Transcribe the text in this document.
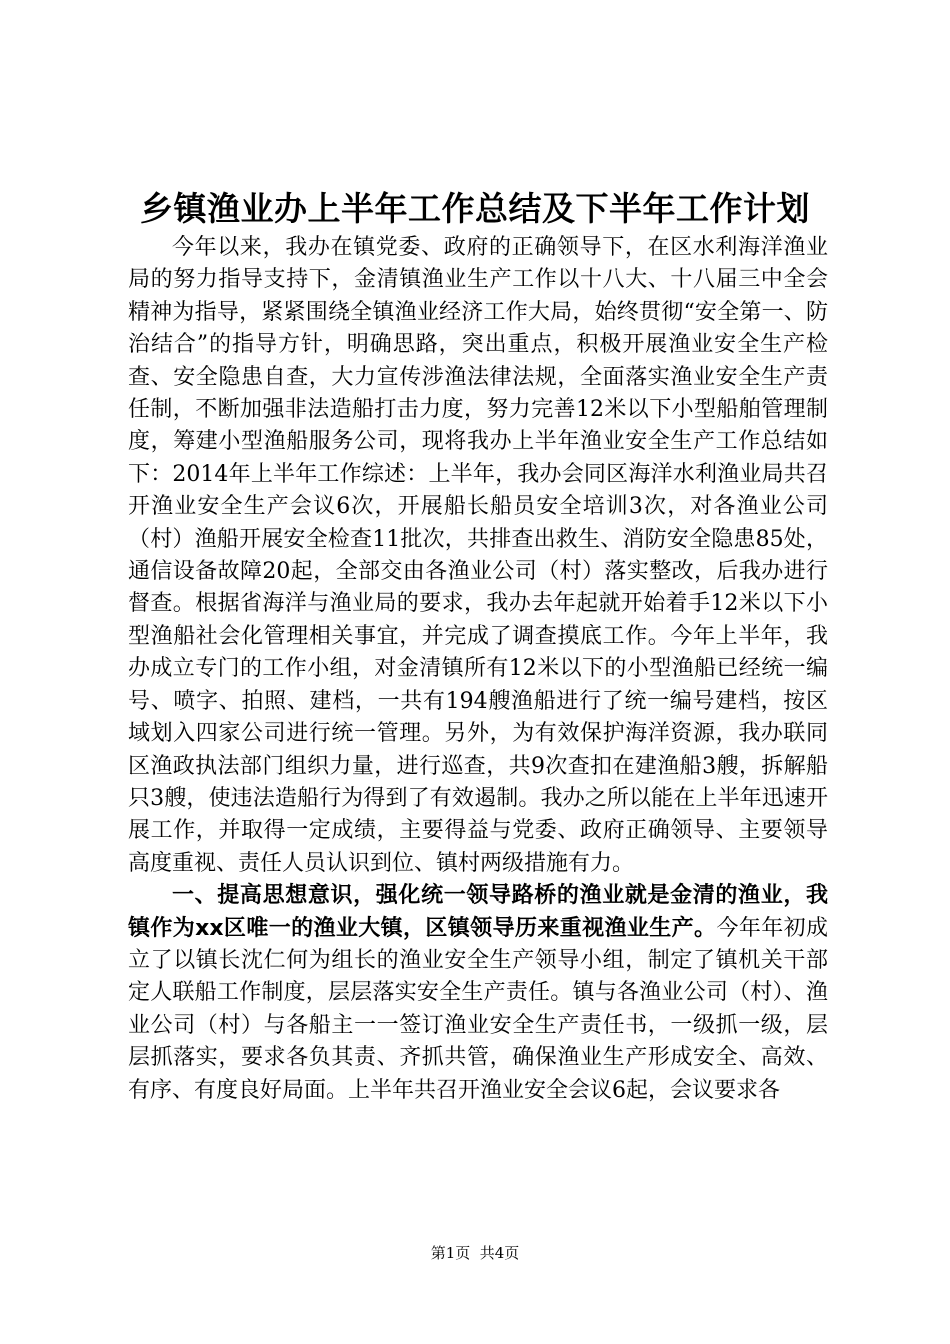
乡镇渔业办上半年工作总结及下半年工作计划

今年以来，我办在镇党委、政府的正确领导下，在区水利海洋渔业局的努力指导支持下，金清镇渔业生产工作以十八大、十八届三中全会精神为指导，紧紧围绕全镇渔业经济工作大局，始终贯彻“安全第一、防治结合”的指导方针，明确思路，突出重点，积极开展渔业安全生产检查、安全隐患自查，大力宣传涉渔法律法规，全面落实渔业安全生产责任制，不断加强非法造船打击力度，努力完善12米以下小型船舶管理制度，筹建小型渔船服务公司，现将我办上半年渔业安全生产工作总结如下：2014年上半年工作综述：上半年，我办会同区海洋水利渔业局共召开渔业安全生产会议6次，开展船长船员安全培训3次，对各渔业公司（村）渔船开展安全检查11批次，共排查出救生、消防安全隐患85处，通信设备故障20起，全部交由各渔业公司（村）落实整改，后我办进行督查。根据省海洋与渔业局的要求，我办去年起就开始着手12米以下小型渔船社会化管理相关事宜，并完成了调查摸底工作。今年上半年，我办成立专门的工作小组，对金清镇所有12米以下的小型渔船已经统一编号、喷字、拍照、建档，一共有194艘渔船进行了统一编号建档，按区域划入四家公司进行统一管理。另外，为有效保护海洋资源，我办联同区渔政执法部门组织力量，进行巡查，共9次查扣在建渔船3艘，拆解船只3艘，使违法造船行为得到了有效遏制。我办之所以能在上半年迅速开展工作，并取得一定成绩，主要得益与党委、政府正确领导、主要领导高度重视、责任人员认识到位、镇村两级措施有力。

一、提高思想意识，强化统一领导路桥的渔业就是金清的渔业，我镇作为xx区唯一的渔业大镇，区镇领导历来重视渔业生产。今年年初成立了以镇长沈仁何为组长的渔业安全生产领导小组，制定了镇机关干部定人联船工作制度，层层落实安全生产责任。镇与各渔业公司（村）、渔业公司（村）与各船主一一签订渔业安全生产责任书，一级抓一级，层层抓落实，要求各负其责、齐抓共管，确保渔业生产形成安全、高效、有序、有度良好局面。上半年共召开渔业安全会议6起，会议要求各

第1页  共4页
